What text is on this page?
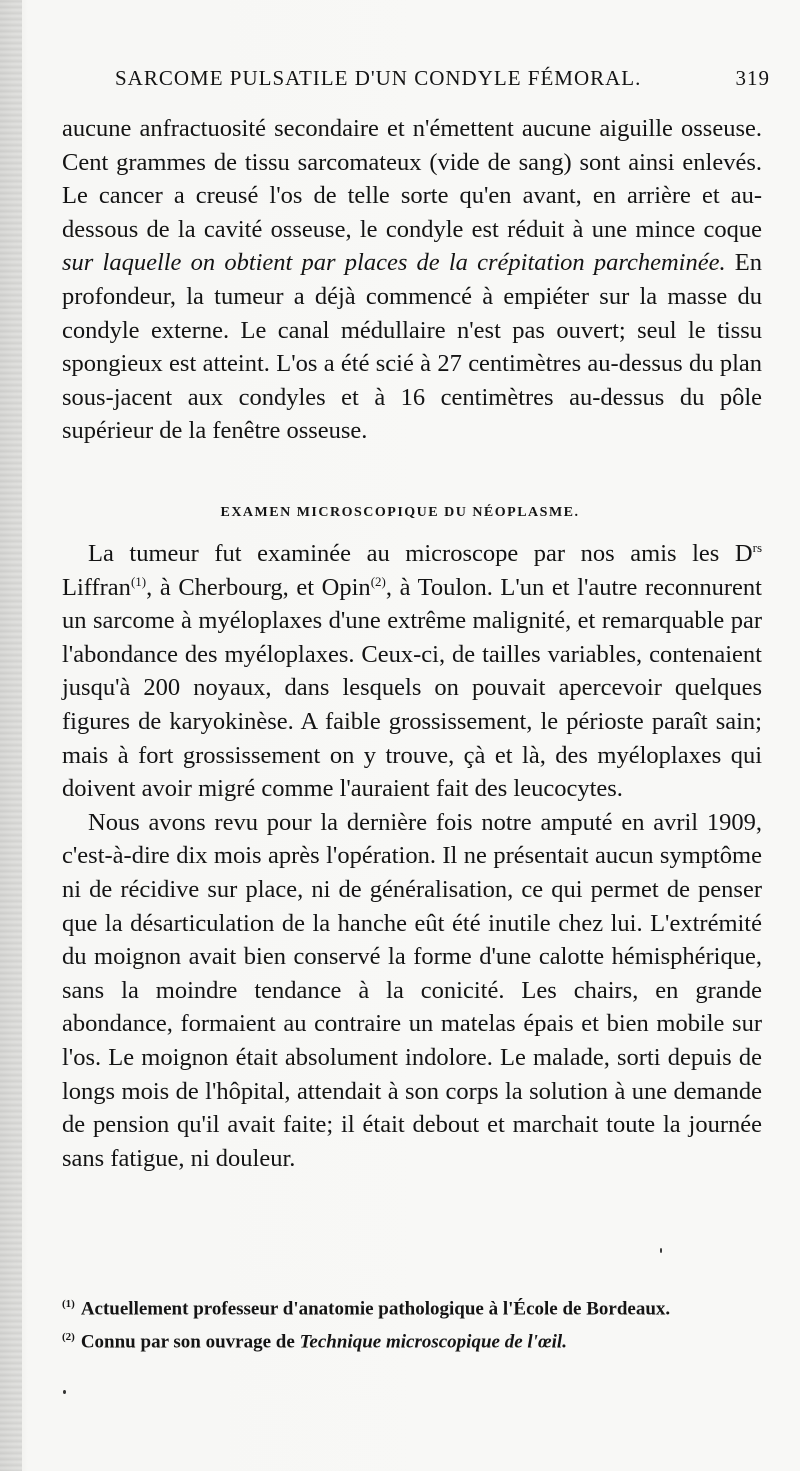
SARCOME PULSATILE D'UN CONDYLE FÉMORAL.	319

aucune anfractuosité secondaire et n'émettent aucune aiguille osseuse. Cent grammes de tissu sarcomateux (vide de sang) sont ainsi enlevés. Le cancer a creusé l'os de telle sorte qu'en avant, en arrière et au-dessous de la cavité osseuse, le condyle est réduit à une mince coque sur laquelle on obtient par places de la crépitation parcheminée. En profondeur, la tumeur a déjà commencé à empiéter sur la masse du condyle externe. Le canal médullaire n'est pas ouvert; seul le tissu spongieux est atteint. L'os a été scié à 27 centimètres au-dessus du plan sous-jacent aux condyles et à 16 centimètres au-dessus du pôle supérieur de la fenêtre osseuse.

EXAMEN MICROSCOPIQUE DU NÉOPLASME.

La tumeur fut examinée au microscope par nos amis les $D^{rs}$ Liffran$^{(1)}$, à Cherbourg, et Opin$^{(2)}$, à Toulon. L'un et l'autre reconnurent un sarcome à myéloplaxes d'une extrême malignité, et remarquable par l'abondance des myéloplaxes. Ceux-ci, de tailles variables, contenaient jusqu'à 200 noyaux, dans lesquels on pouvait apercevoir quelques figures de karyokinèse. A faible grossissement, le périoste paraît sain; mais à fort grossissement on y trouve, çà et là, des myéloplaxes qui doivent avoir migré comme l'auraient fait des leucocytes.

Nous avons revu pour la dernière fois notre amputé en avril 1909, c'est-à-dire dix mois après l'opération. Il ne présentait aucun symptôme ni de récidive sur place, ni de généralisation, ce qui permet de penser que la désarticulation de la hanche eût été inutile chez lui. L'extrémité du moignon avait bien conservé la forme d'une calotte hémisphérique, sans la moindre tendance à la conicité. Les chairs, en grande abondance, formaient au contraire un matelas épais et bien mobile sur l'os. Le moignon était absolument indolore. Le malade, sorti depuis de longs mois de l'hôpital, attendait à son corps la solution à une demande de pension qu'il avait faite; il était debout et marchait toute la journée sans fatigue, ni douleur.

$^{(1)}$ Actuellement professeur d'anatomie pathologique à l'École de Bordeaux.
$^{(2)}$ Connu par son ouvrage de Technique microscopique de l'œil.
